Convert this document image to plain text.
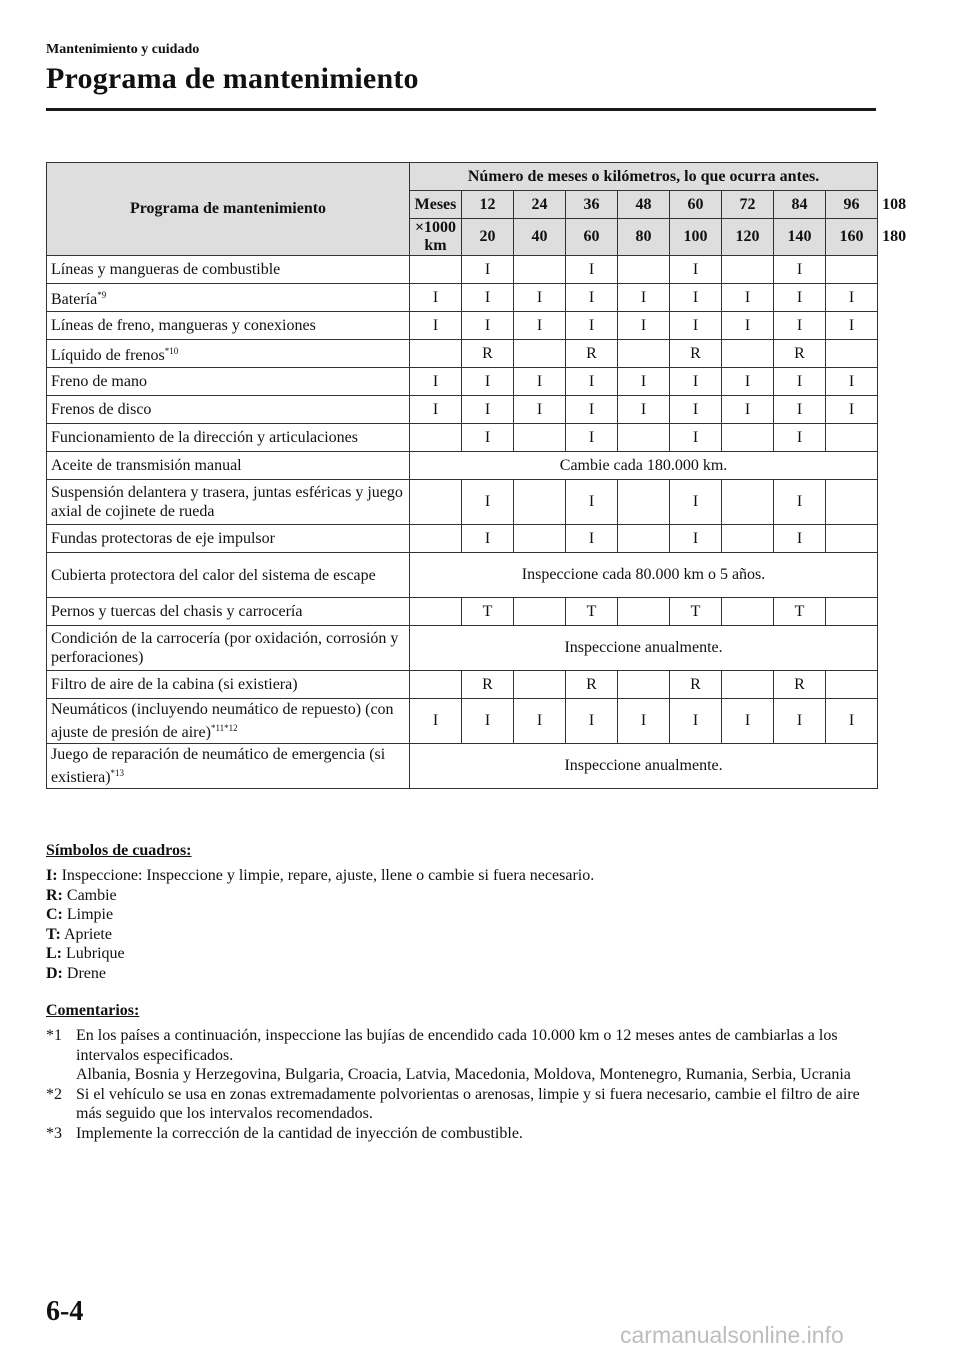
Mantenimiento y cuidado
Programa de mantenimiento
Programa de mantenimiento	Número de meses o kilómetros, lo que ocurra antes.									
	Meses	12	24	36	48	60	72	84	96	108
	×1000 km	20	40	60	80	100	120	140	160	180
Líneas y mangueras de combustible		I		I		I		I		
Batería$^{*9}$	I	I	I	I	I	I	I	I	I	
Líneas de freno, mangueras y conexiones	I	I	I	I	I	I	I	I	I	
Líquido de frenos$^{*10}$		R		R		R		R		
Freno de mano	I	I	I	I	I	I	I	I	I	
Frenos de disco	I	I	I	I	I	I	I	I	I	
Funcionamiento de la dirección y articulaciones		I		I		I		I		
Aceite de transmisión manual	Cambie cada 180.000 km.									
Suspensión delantera y trasera, juntas esféricas y juego axial de cojinete de rueda		I		I		I		I		
Fundas protectoras de eje impulsor		I		I		I		I		
Cubierta protectora del calor del sistema de escape	Inspeccione cada 80.000 km o 5 años.									
Pernos y tuercas del chasis y carrocería		T		T		T		T		
Condición de la carrocería (por oxidación, corrosión y perforaciones)	Inspeccione anualmente.									
Filtro de aire de la cabina (si existiera)		R		R		R		R		
Neumáticos (incluyendo neumático de repuesto) (con ajuste de presión de aire)$^{*11*12}$	I	I	I	I	I	I	I	I	I	
Juego de reparación de neumático de emergencia (si existiera)$^{*13}$	Inspeccione anualmente.									
Símbolos de cuadros:
I: Inspeccione: Inspeccione y limpie, repare, ajuste, llene o cambie si fuera necesario.
R: Cambie
C: Limpie
T: Apriete
L: Lubrique
D: Drene
Comentarios:
*1 En los países a continuación, inspeccione las bujías de encendido cada 10.000 km o 12 meses antes de cambiarlas a los intervalos especificados.
Albania, Bosnia y Herzegovina, Bulgaria, Croacia, Latvia, Macedonia, Moldova, Montenegro, Rumania, Serbia, Ucrania
*2 Si el vehículo se usa en zonas extremadamente polvorientas o arenosas, limpie y si fuera necesario, cambie el filtro de aire más seguido que los intervalos recomendados.
*3 Implemente la corrección de la cantidad de inyección de combustible.
6-4
carmanualsonline.info
